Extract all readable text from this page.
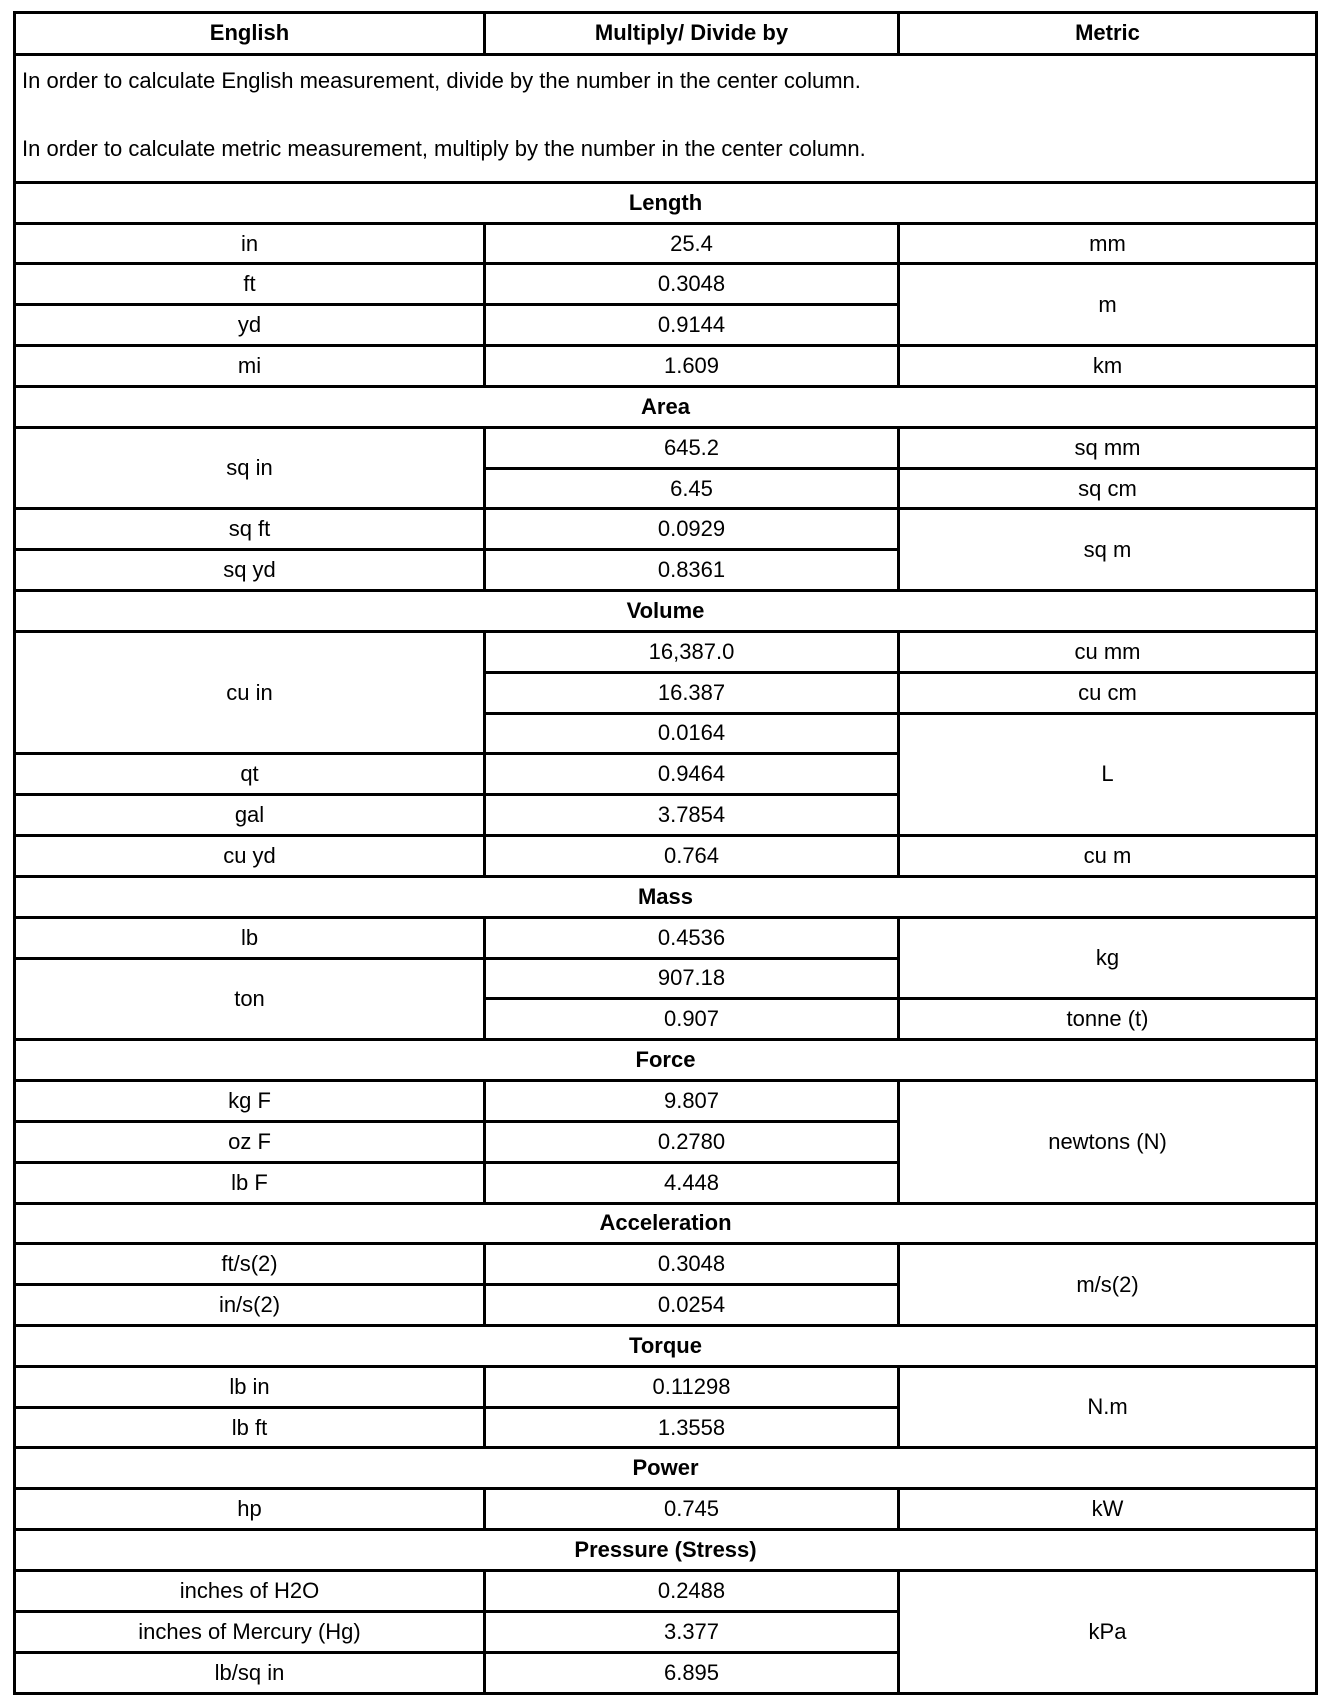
English	Multiply/ Divide by	Metric

In order to calculate English measurement, divide by the number in the center column.

In order to calculate metric measurement, multiply by the number in the center column.		

Length		
in	25.4	mm
ft	0.3048	m
yd	0.9144	
mi	1.609	km
Area		
sq in	645.2	sq mm
	6.45	sq cm
sq ft	0.0929	sq m
sq yd	0.8361	
Volume		
cu in	16,387.0	cu mm
	16.387	cu cm
	0.0164	L
qt	0.9464	
gal	3.7854	
cu yd	0.764	cu m
Mass		
lb	0.4536	kg
ton	907.18	
	0.907	tonne (t)
Force		
kg F	9.807	newtons (N)
oz F	0.2780	
lb F	4.448	
Acceleration		
ft/s(2)	0.3048	m/s(2)
in/s(2)	0.0254	
Torque		
lb in	0.11298	N.m
lb ft	1.3558	
Power		
hp	0.745	kW
Pressure (Stress)		
inches of H2O	0.2488	kPa
inches of Mercury (Hg)	3.377	
lb/sq in	6.895	
